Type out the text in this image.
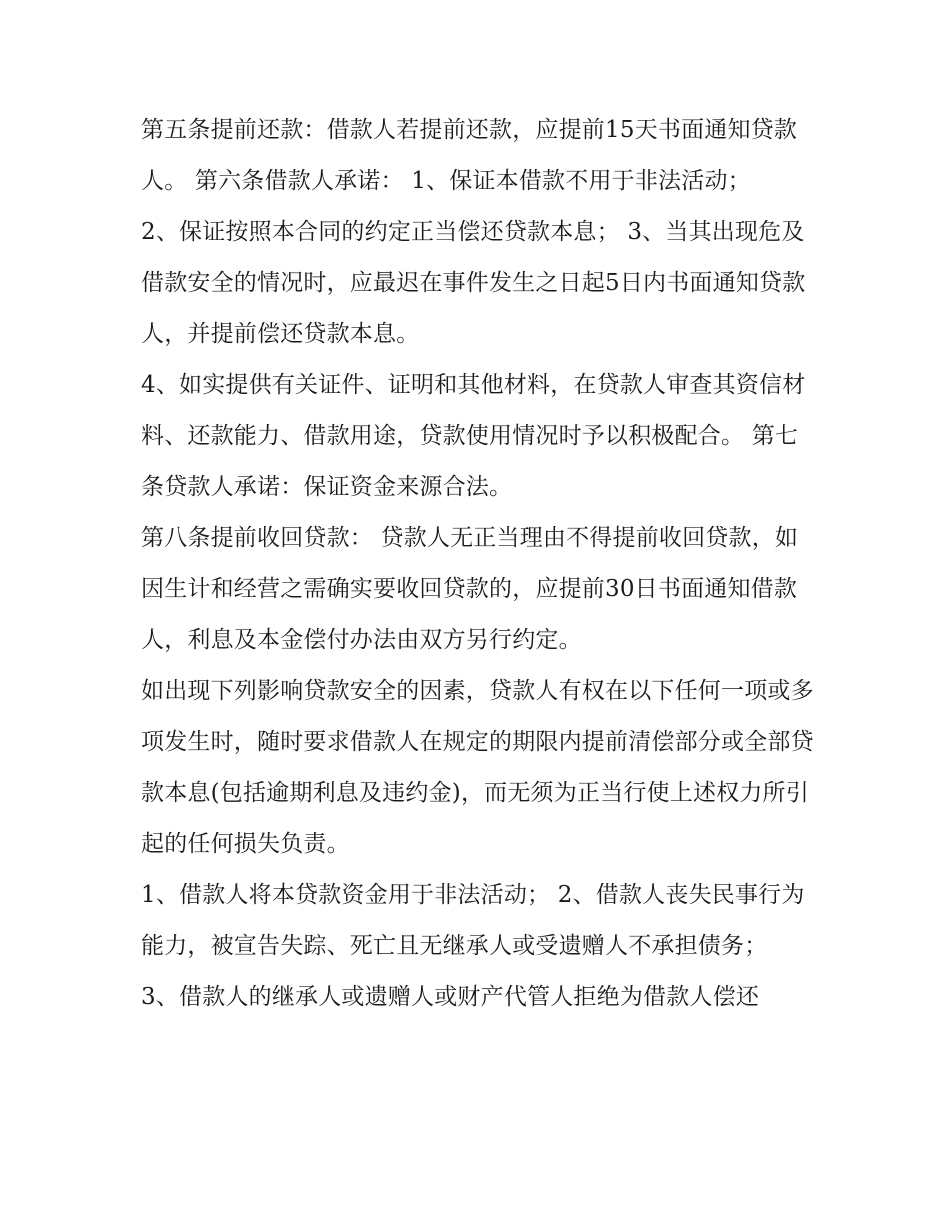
第五条提前还款：借款人若提前还款，应提前15天书面通知贷款人。 第六条借款人承诺： 1、保证本借款不用于非法活动；

2、保证按照本合同的约定正当偿还贷款本息； 3、当其出现危及借款安全的情况时，应最迟在事件发生之日起5日内书面通知贷款人，并提前偿还贷款本息。

4、如实提供有关证件、证明和其他材料，在贷款人审查其资信材料、还款能力、借款用途，贷款使用情况时予以积极配合。 第七条贷款人承诺：保证资金来源合法。

第八条提前收回贷款： 贷款人无正当理由不得提前收回贷款，如因生计和经营之需确实要收回贷款的，应提前30日书面通知借款人，利息及本金偿付办法由双方另行约定。

如出现下列影响贷款安全的因素，贷款人有权在以下任何一项或多项发生时，随时要求借款人在规定的期限内提前清偿部分或全部贷款本息(包括逾期利息及违约金)，而无须为正当行使上述权力所引起的任何损失负责。

1、借款人将本贷款资金用于非法活动； 2、借款人丧失民事行为能力，被宣告失踪、死亡且无继承人或受遗赠人不承担债务；

3、借款人的继承人或遗赠人或财产代管人拒绝为借款人偿还
